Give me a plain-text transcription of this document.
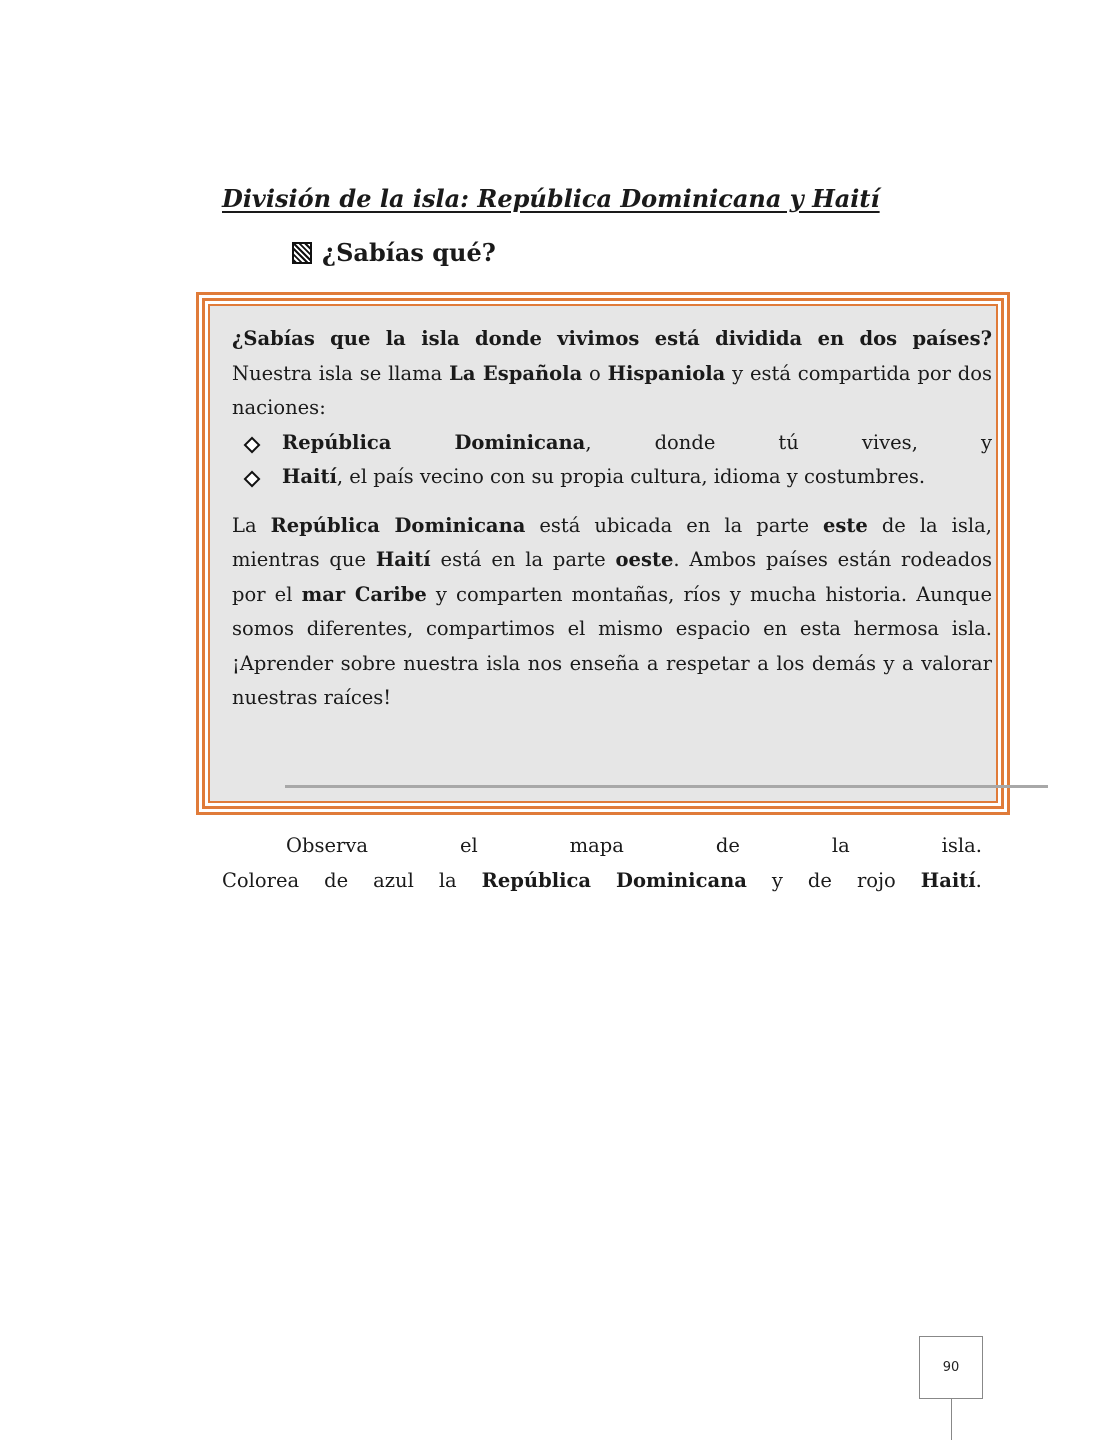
División de la isla: República Dominicana y Haití
¿Sabías qué?

¿Sabías que la isla donde vivimos está dividida en dos países?

Nuestra isla se llama La Española o Hispaniola y está compartida por dos naciones:

República	Dominicana,	donde	tú	vives,	y
Haití, el país vecino con su propia cultura, idioma y costumbres.

La República Dominicana está ubicada en la parte este de la isla, mientras que Haití está en la parte oeste. Ambos países están rodeados por el mar Caribe y comparten montañas, ríos y mucha historia. Aunque somos diferentes, compartimos el mismo espacio en esta hermosa isla. ¡Aprender sobre nuestra isla nos enseña a respetar a los demás y a valorar nuestras raíces!

Observa	el	mapa	de	la	isla.
Colorea de azul la República Dominicana y de rojo Haití.
90
